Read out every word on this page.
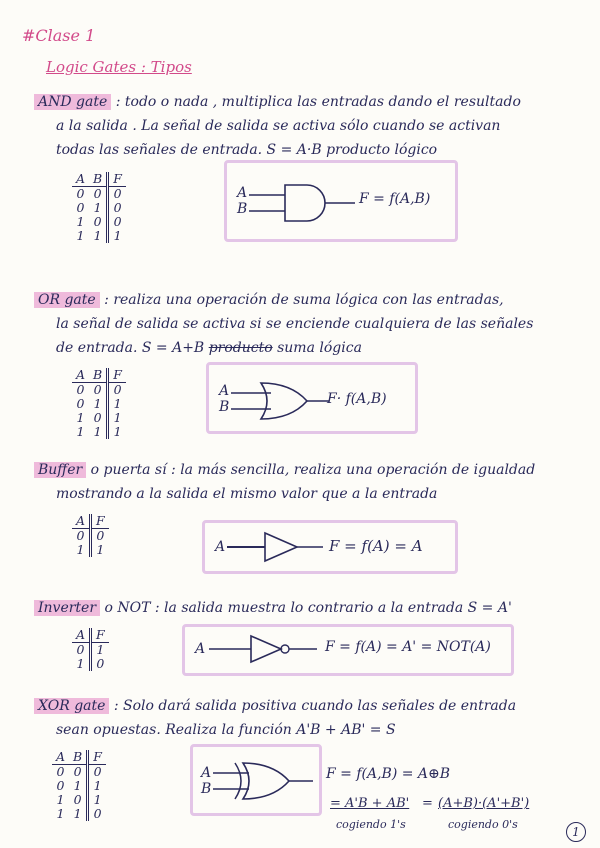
#Clase 1
Logic Gates : Tipos
AND gate : todo o nada , multiplica las entradas dando el resultado
a la salida . La señal de salida se activa sólo cuando se activan
todas las señales de entrada. S = A·B producto lógico
A	B	F
0	0	0
0	1	0
1	0	0
1	1	1
A
B
F = f(A,B)
OR gate : realiza una operación de suma lógica con las entradas,
la señal de salida se activa si se enciende cualquiera de las señales
de entrada. S = A+B producto suma lógica
A	B	F
0	0	0
0	1	1
1	0	1
1	1	1
A
B	F· f(A,B)
Buffer o puerta sí : la más sencilla, realiza una operación de igualdad
mostrando a la salida el mismo valor que a la entrada
A	F
0	0
1	1	A	F = f(A) = A
Inverter o NOT : la salida muestra lo contrario a la entrada S = A'
A	F
0	1
1	0
A	F = f(A) = A' = NOT(A)
XOR gate : Solo dará salida positiva cuando las señales de entrada
sean opuestas. Realiza la función A'B + AB' = S
A	B	F
0	0	0
0	1	1
1	0	1
1	1	0
A
B
F = f(A,B) = A⊕B
= A'B + AB'
cogiendo 1's
= (A+B)·(A'+B')
cogiendo 0's
1
